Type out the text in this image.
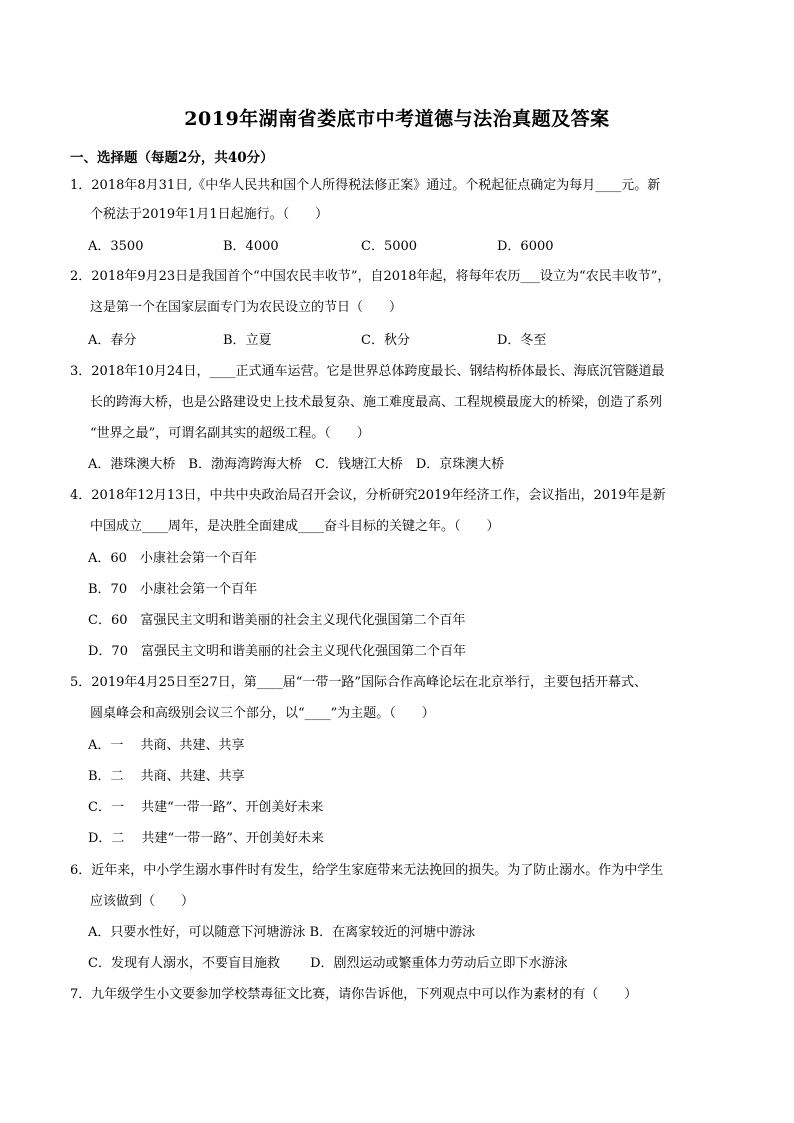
2019年湖南省娄底市中考道德与法治真题及答案
一、选择题（每题2分，共40分）
1．2018年8月31日,《中华人民共和国个人所得税法修正案》通过。个税起征点确定为每月____元。新
个税法于2019年1月1日起施行。（　　）
A．3500	B．4000	C．5000	D．6000
2．2018年9月23日是我国首个“中国农民丰收节”，自2018年起，将每年农历___设立为“农民丰收节”，
这是第一个在国家层面专门为农民设立的节日（　　）
A．春分	B．立夏	C．秋分	D．冬至
3．2018年10月24日，____正式通车运营。它是世界总体跨度最长、钢结构桥体最长、海底沉管隧道最
长的跨海大桥，也是公路建设史上技术最复杂、施工难度最高、工程规模最庞大的桥梁，创造了系列
“世界之最”，可谓名副其实的超级工程。（　　）
A．港珠澳大桥　B．渤海湾跨海大桥　C．钱塘江大桥　D．京珠澳大桥
4．2018年12月13日，中共中央政治局召开会议，分析研究2019年经济工作，会议指出，2019年是新
中国成立____周年，是决胜全面建成____奋斗目标的关键之年。（　　）
A．60　小康社会第一个百年
B．70　小康社会第一个百年
C．60　富强民主文明和谐美丽的社会主义现代化强国第二个百年
D．70　富强民主文明和谐美丽的社会主义现代化强国第二个百年
5．2019年4月25日至27日，第____届“一带一路”国际合作高峰论坛在北京举行，主要包括开幕式、
圆桌峰会和高级别会议三个部分，以“____”为主题。（　　）
A．一　 共商、共建、共享
B．二　 共商、共建、共享
C．一　 共建“一带一路”、开创美好未来
D．二　 共建“一带一路”、开创美好未来
6．近年来，中小学生溺水事件时有发生，给学生家庭带来无法挽回的损失。为了防止溺水。作为中学生
应该做到（　　）
A．只要水性好，可以随意下河塘游泳 B．在离家较近的河塘中游泳
C．发现有人溺水，不要盲目施救　　 D．剧烈运动或繁重体力劳动后立即下水游泳
7．九年级学生小文要参加学校禁毒征文比赛，请你告诉他，下列观点中可以作为素材的有（　　）
